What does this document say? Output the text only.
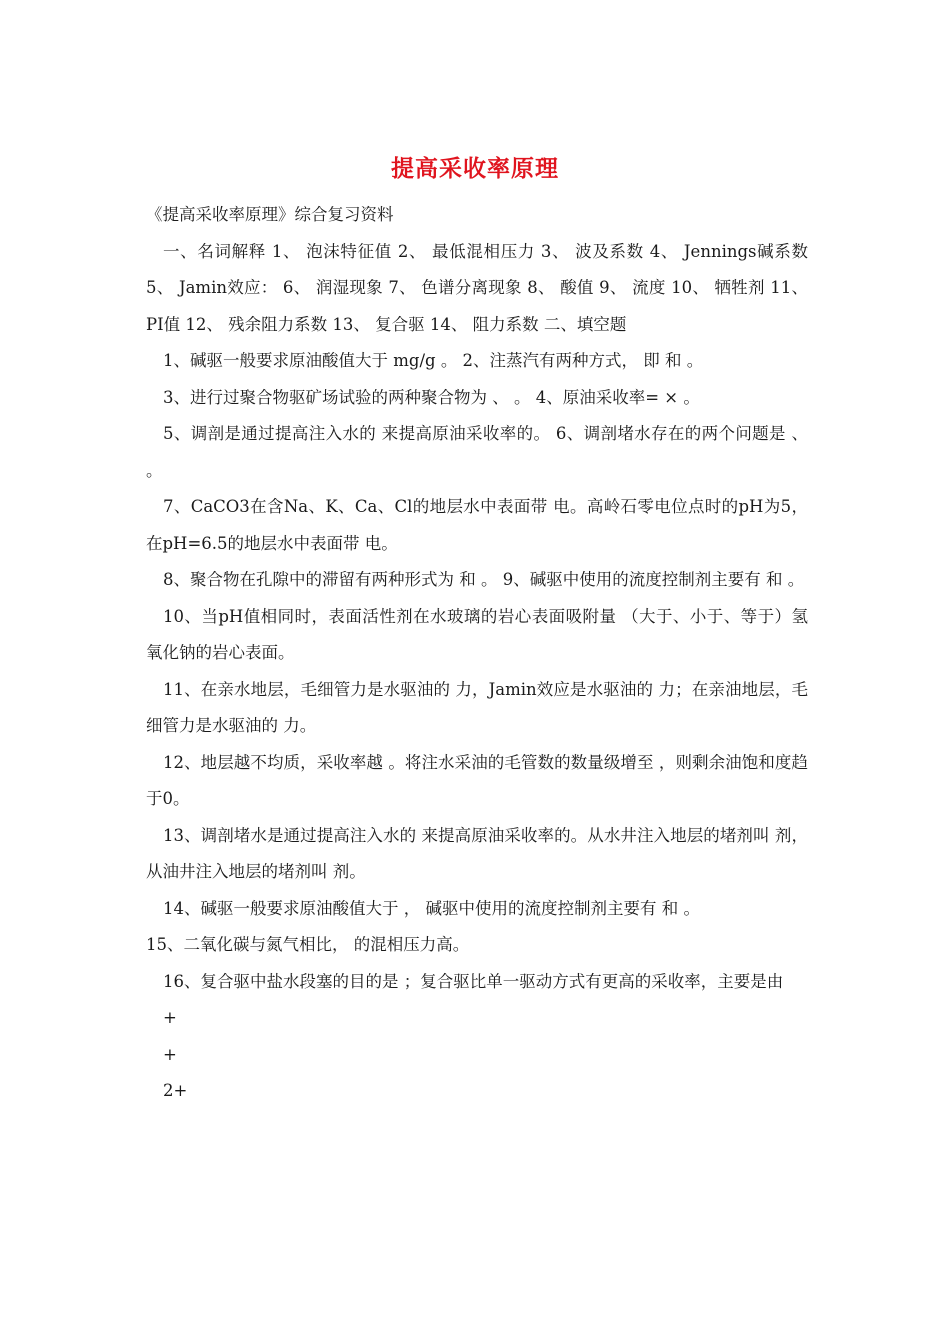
提高采收率原理

《提高采收率原理》综合复习资料

一、名词解释 1、 泡沫特征值 2、 最低混相压力 3、 波及系数 4、 Jennings碱系数 5、 Jamin效应： 6、 润湿现象 7、 色谱分离现象 8、 酸值 9、 流度 10、 牺牲剂 11、 PI值 12、 残余阻力系数 13、 复合驱 14、 阻力系数 二、填空题

1、碱驱一般要求原油酸值大于 mg/g 。 2、注蒸汽有两种方式， 即 和 。

3、进行过聚合物驱矿场试验的两种聚合物为 、 。 4、原油采收率= × 。

5、调剖是通过提高注入水的 来提高原油采收率的。 6、调剖堵水存在的两个问题是 、 。

7、CaCO3在含Na、K、Ca、Cl的地层水中表面带 电。高岭石零电位点时的pH为5，在pH=6.5的地层水中表面带 电。

8、聚合物在孔隙中的滞留有两种形式为 和 。 9、碱驱中使用的流度控制剂主要有 和 。

10、当pH值相同时，表面活性剂在水玻璃的岩心表面吸附量 （大于、小于、等于）氢氧化钠的岩心表面。

11、在亲水地层，毛细管力是水驱油的 力，Jamin效应是水驱油的 力；在亲油地层，毛细管力是水驱油的 力。

12、地层越不均质，采收率越 。将注水采油的毛管数的数量级增至 ，则剩余油饱和度趋于0。

13、调剖堵水是通过提高注入水的 来提高原油采收率的。从水井注入地层的堵剂叫 剂，从油井注入地层的堵剂叫 剂。

14、碱驱一般要求原油酸值大于 ， 碱驱中使用的流度控制剂主要有 和 。

15、二氧化碳与氮气相比， 的混相压力高。

16、复合驱中盐水段塞的目的是 ；复合驱比单一驱动方式有更高的采收率，主要是由

+

+

2+
